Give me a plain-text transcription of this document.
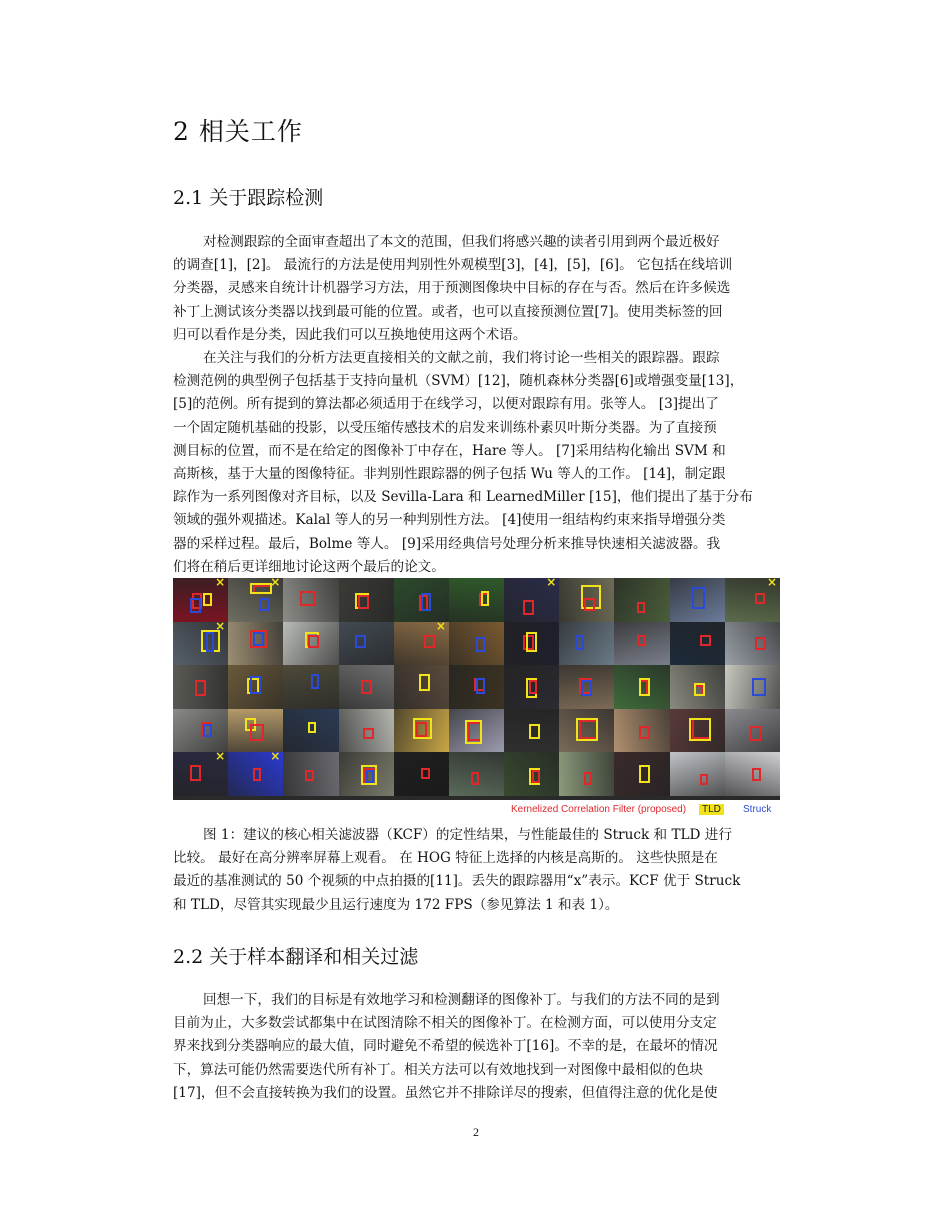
2 相关工作
2.1 关于跟踪检测
对检测跟踪的全面审查超出了本文的范围，但我们将感兴趣的读者引用到两个最近极好
的调查[1]，[2]。 最流行的方法是使用判别性外观模型[3]，[4]，[5]，[6]。 它包括在线培训
分类器，灵感来自统计计机器学习方法，用于预测图像块中目标的存在与否。然后在许多候选
补丁上测试该分类器以找到最可能的位置。或者，也可以直接预测位置[7]。使用类标签的回
归可以看作是分类，因此我们可以互换地使用这两个术语。
在关注与我们的分析方法更直接相关的文献之前，我们将讨论一些相关的跟踪器。跟踪
检测范例的典型例子包括基于支持向量机（SVM）[12]，随机森林分类器[6]或增强变量[13]，
[5]的范例。所有提到的算法都必须适用于在线学习，以便对跟踪有用。张等人。 [3]提出了
一个固定随机基础的投影，以受压缩传感技术的启发来训练朴素贝叶斯分类器。为了直接预
测目标的位置，而不是在给定的图像补丁中存在，Hare 等人。 [7]采用结构化输出 SVM 和
高斯核，基于大量的图像特征。非判别性跟踪器的例子包括 Wu 等人的工作。 [14]，制定跟
踪作为一系列图像对齐目标，以及 Sevilla-Lara 和 LearnedMiller [15]，他们提出了基于分布
领域的强外观描述。Kalal 等人的另一种判别性方法。 [4]使用一组结构约束来指导增强分类
器的采样过程。最后，Bolme 等人。 [9]采用经典信号处理分析来推导快速相关滤波器。我
们将在稍后更详细地讨论这两个最后的论文。
×	×	×	×
×	×
×	×
Kernelized Correlation Filter (proposed)	TLD	Struck
图 1：建议的核心相关滤波器（KCF）的定性结果，与性能最佳的 Struck 和 TLD 进行
比较。 最好在高分辨率屏幕上观看。 在 HOG 特征上选择的内核是高斯的。 这些快照是在
最近的基准测试的 50 个视频的中点拍摄的[11]。丢失的跟踪器用“x”表示。KCF 优于 Struck
和 TLD，尽管其实现最少且运行速度为 172 FPS（参见算法 1 和表 1）。
2.2 关于样本翻译和相关过滤
回想一下，我们的目标是有效地学习和检测翻译的图像补丁。与我们的方法不同的是到
目前为止，大多数尝试都集中在试图清除不相关的图像补丁。在检测方面，可以使用分支定
界来找到分类器响应的最大值，同时避免不希望的候选补丁[16]。不幸的是，在最坏的情况
下，算法可能仍然需要迭代所有补丁。相关方法可以有效地找到一对图像中最相似的色块
[17]，但不会直接转换为我们的设置。虽然它并不排除详尽的搜索，但值得注意的优化是使
2
